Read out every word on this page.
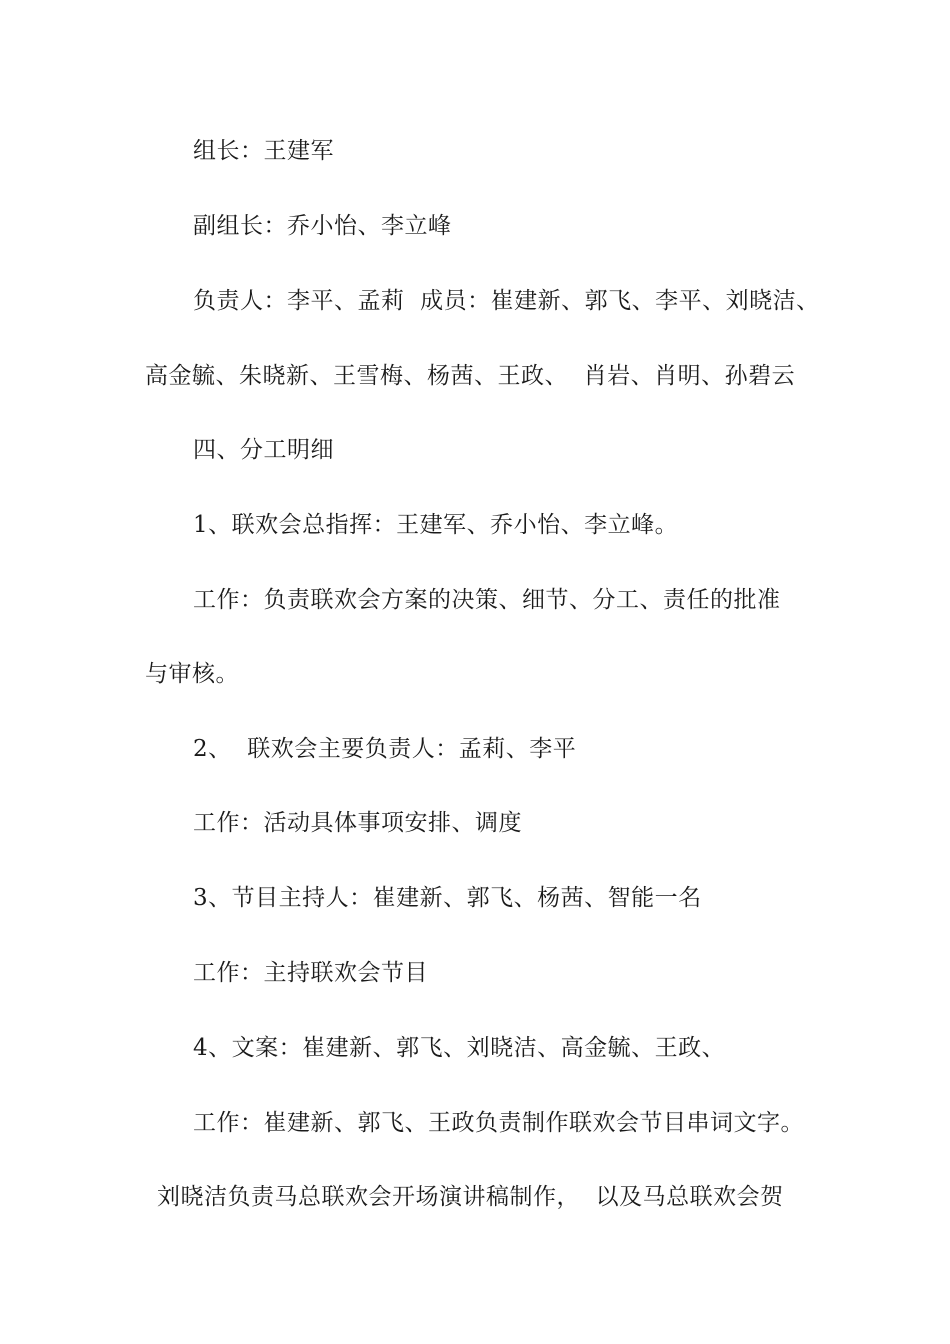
组长：王建军
副组长：乔小怡、李立峰
负责人：李平、孟莉  成员：崔建新、郭飞、李平、刘晓洁、
高金毓、朱晓新、王雪梅、杨茜、王政、  肖岩、肖明、孙碧云
四、分工明细
1、联欢会总指挥：王建军、乔小怡、李立峰。
工作：负责联欢会方案的决策、细节、分工、责任的批准
与审核。
2、  联欢会主要负责人：孟莉、李平
工作：活动具体事项安排、调度
3、节目主持人：崔建新、郭飞、杨茜、智能一名
工作：主持联欢会节目
4、文案：崔建新、郭飞、刘晓洁、高金毓、王政、
工作：崔建新、郭飞、王政负责制作联欢会节目串词文字。
刘晓洁负责马总联欢会开场演讲稿制作，  以及马总联欢会贺
